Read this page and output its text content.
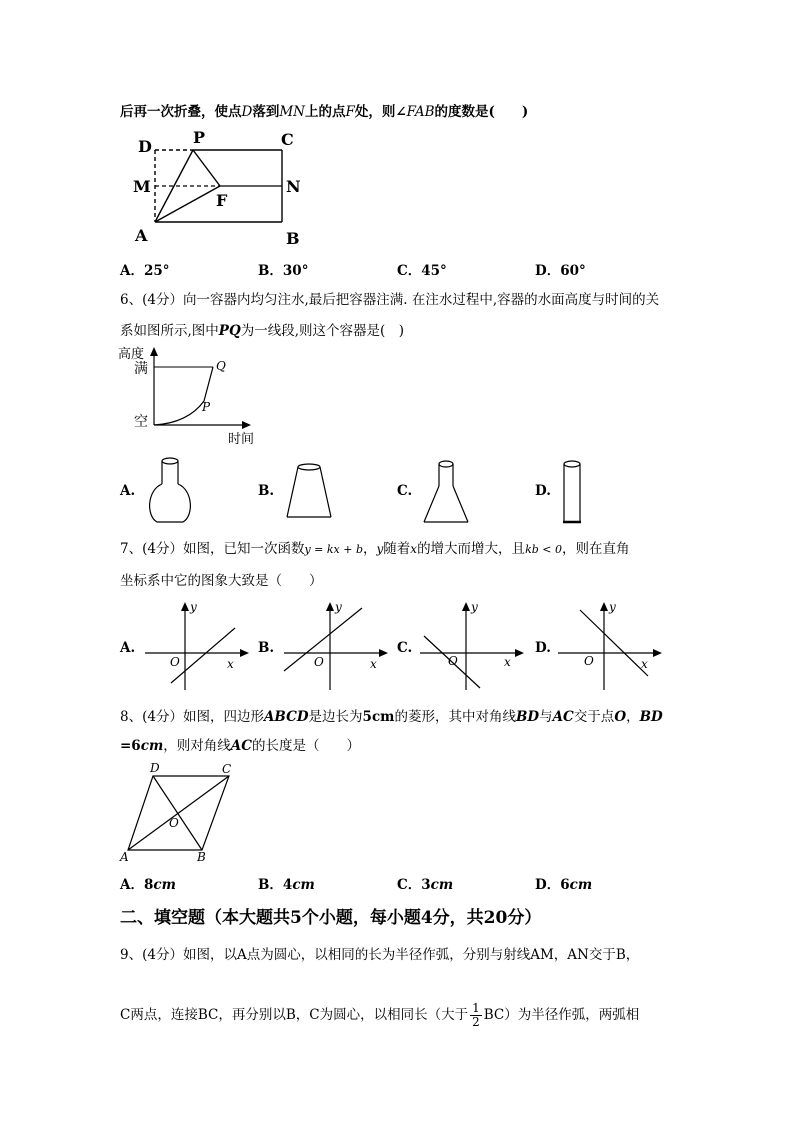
后再一次折叠，使点D落到MN上的点F处，则∠FAB的度数是(　　)
D	P	C
M	N
F
A	B
A．25°	B．30°	C．45°	D．60°
6、(4分）向一容器内均匀注水,最后把容器注满. 在注水过程中,容器的水面高度与时间的关
系如图所示,图中PQ为一线段,则这个容器是(　)
高度
满
空
Q
P
时间
A.	B.	C.	D.
7、(4分）如图，已知一次函数y = kx + b，y随着x的增大而增大，且kb < 0，则在直角
坐标系中它的图象大致是（　　）
A.
y
O	x
B.
y
O	x
C.
y
O	x
D.
y
O	x
8、(4分）如图，四边形ABCD是边长为5cm的菱形，其中对角线BD与AC交于点O，BD
=6cm，则对角线AC的长度是（　　）
D	C
O
A	B
A．8cm	B．4cm	C．3cm	D．6cm
二、填空题（本大题共5个小题，每小题4分，共20分）
9、(4分）如图，以A点为圆心，以相同的长为半径作弧，分别与射线AM，AN交于B，
C两点，连接BC，再分别以B，C为圆心，以相同长（大于 $\frac{1}{2} BC$）为半径作弧，两弧相
